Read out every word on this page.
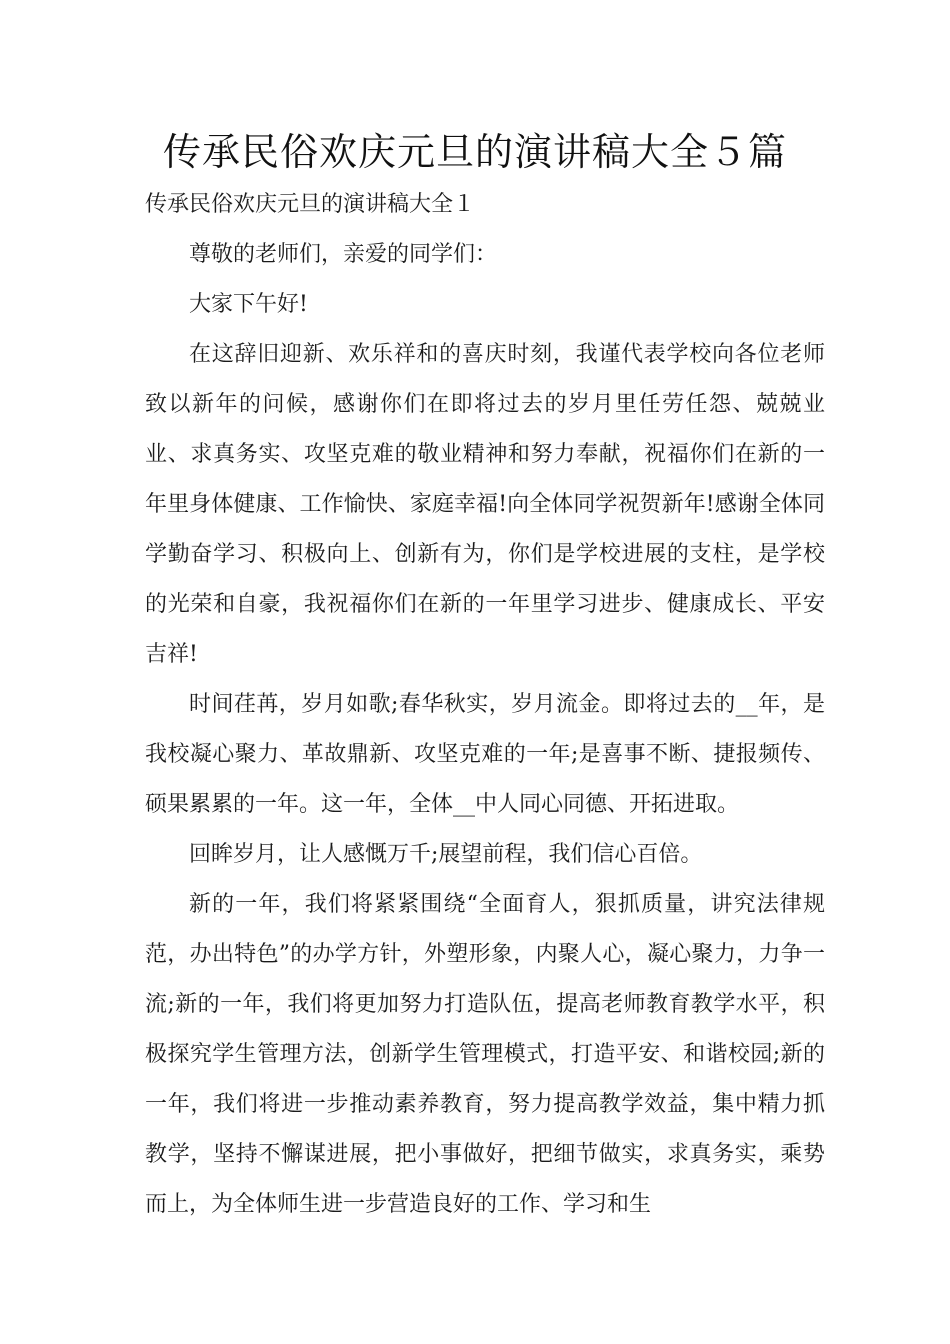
传承民俗欢庆元旦的演讲稿大全５篇

传承民俗欢庆元旦的演讲稿大全１

尊敬的老师们，亲爱的同学们：

大家下午好!

在这辞旧迎新、欢乐祥和的喜庆时刻，我谨代表学校向各位老师致以新年的问候，感谢你们在即将过去的岁月里任劳任怨、兢兢业业、求真务实、攻坚克难的敬业精神和努力奉献，祝福你们在新的一年里身体健康、工作愉快、家庭幸福!向全体同学祝贺新年!感谢全体同学勤奋学习、积极向上、创新有为，你们是学校进展的支柱，是学校的光荣和自豪，我祝福你们在新的一年里学习进步、健康成长、平安吉祥!

时间荏苒，岁月如歌;春华秋实，岁月流金。即将过去的__年，是我校凝心聚力、革故鼎新、攻坚克难的一年;是喜事不断、捷报频传、硕果累累的一年。这一年，全体__中人同心同德、开拓进取。

回眸岁月，让人感慨万千;展望前程，我们信心百倍。

新的一年，我们将紧紧围绕“全面育人，狠抓质量，讲究法律规范，办出特色”的办学方针，外塑形象，内聚人心，凝心聚力，力争一流;新的一年，我们将更加努力打造队伍，提高老师教育教学水平，积极探究学生管理方法，创新学生管理模式，打造平安、和谐校园;新的一年，我们将进一步推动素养教育，努力提高教学效益，集中精力抓教学，坚持不懈谋进展，把小事做好，把细节做实，求真务实，乘势而上，为全体师生进一步营造良好的工作、学习和生
